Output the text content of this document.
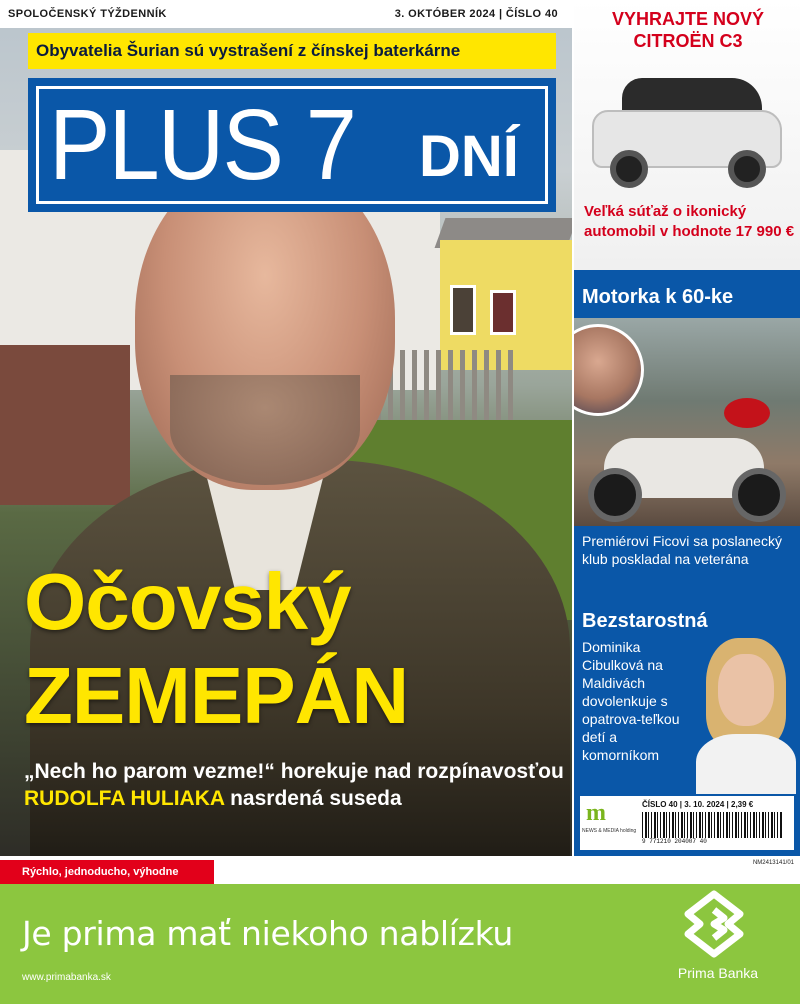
SPOLOČENSKÝ TÝŽDENNÍK	3. OKTÓBER 2024 | ČÍSLO 40
Obyvatelia Šurian sú vystrašení z čínskej baterkárne
PLUS 7 DNÍ
Očovský
ZEMEPÁN
„Nech ho parom vezme!“ horekuje nad rozpínavosťou RUDOLFA HULIAKA nasrdená suseda
VYHRAJTE NOVÝ CITROËN C3
Veľká súťaž o ikonický automobil v hodnote 17 990 €
Motorka k 60-ke
Premiérovi Ficovi sa poslanecký klub poskladal na veterána
Bezstarostná
Dominika Cibulková na Maldivách dovolenkuje s opatrova-teľkou detí a komorníkom
m
NEWS & MEDIA holding
ČÍSLO 40 | 3. 10. 2024 | 2,39 €
9 771210 204007 40
NM2413141/01
Rýchlo, jednoducho, výhodne
Je prima mať niekoho nablízku
www.primabanka.sk	Prima Banka
